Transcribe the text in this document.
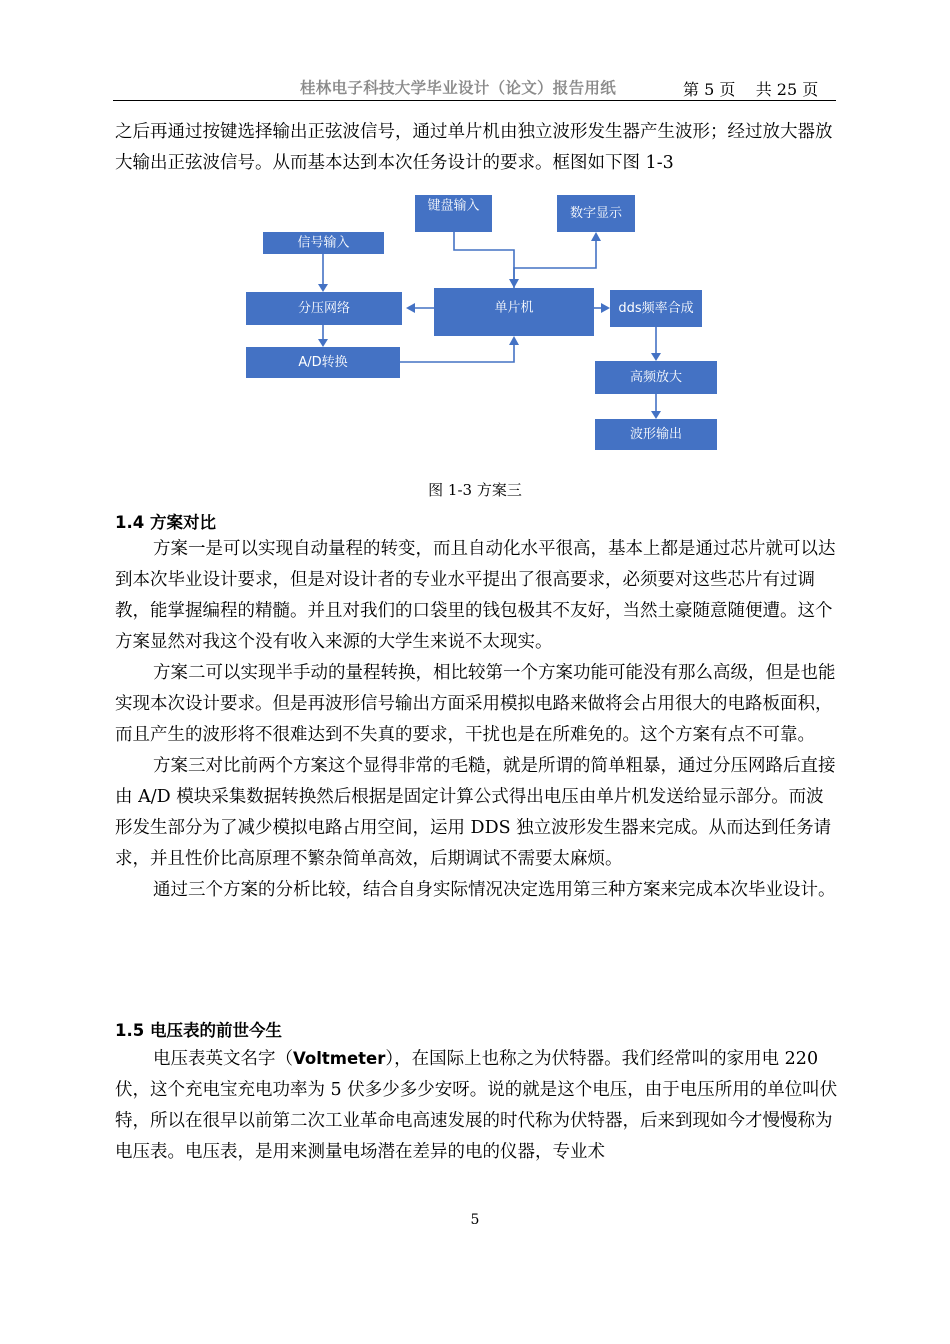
桂林电子科技大学毕业设计（论文）报告用纸	第 5 页    共 25 页

之后再通过按键选择输出正弦波信号，通过单片机由独立波形发生器产生波形；经过放大器放大输出正弦波信号。从而基本达到本次任务设计的要求。框图如下图 1-3

键盘输入	数字显示
信号输入
分压网络	单片机	dds频率合成
A/D转换
高频放大
波形输出
图 1-3 方案三
1.4 方案对比

方案一是可以实现自动量程的转变，而且自动化水平很高，基本上都是通过芯片就可以达到本次毕业设计要求，但是对设计者的专业水平提出了很高要求，必须要对这些芯片有过调教，能掌握编程的精髓。并且对我们的口袋里的钱包极其不友好，当然土豪随意随便遭。这个方案显然对我这个没有收入来源的大学生来说不太现实。

方案二可以实现半手动的量程转换，相比较第一个方案功能可能没有那么高级，但是也能实现本次设计要求。但是再波形信号输出方面采用模拟电路来做将会占用很大的电路板面积，而且产生的波形将不很难达到不失真的要求，干扰也是在所难免的。这个方案有点不可靠。

方案三对比前两个方案这个显得非常的毛糙，就是所谓的简单粗暴，通过分压网路后直接由 A/D 模块采集数据转换然后根据是固定计算公式得出电压由单片机发送给显示部分。而波形发生部分为了减少模拟电路占用空间，运用 DDS 独立波形发生器来完成。从而达到任务请求，并且性价比高原理不繁杂简单高效，后期调试不需要太麻烦。

通过三个方案的分析比较，结合自身实际情况决定选用第三种方案来完成本次毕业设计。

1.5 电压表的前世今生

电压表英文名字（Voltmeter），在国际上也称之为伏特器。我们经常叫的家用电 220 伏，这个充电宝充电功率为 5 伏多少多少安呀。说的就是这个电压，由于电压所用的单位叫伏特，所以在很早以前第二次工业革命电高速发展的时代称为伏特器，后来到现如今才慢慢称为电压表。电压表，是用来测量电场潜在差异的电的仪器，专业术

5
